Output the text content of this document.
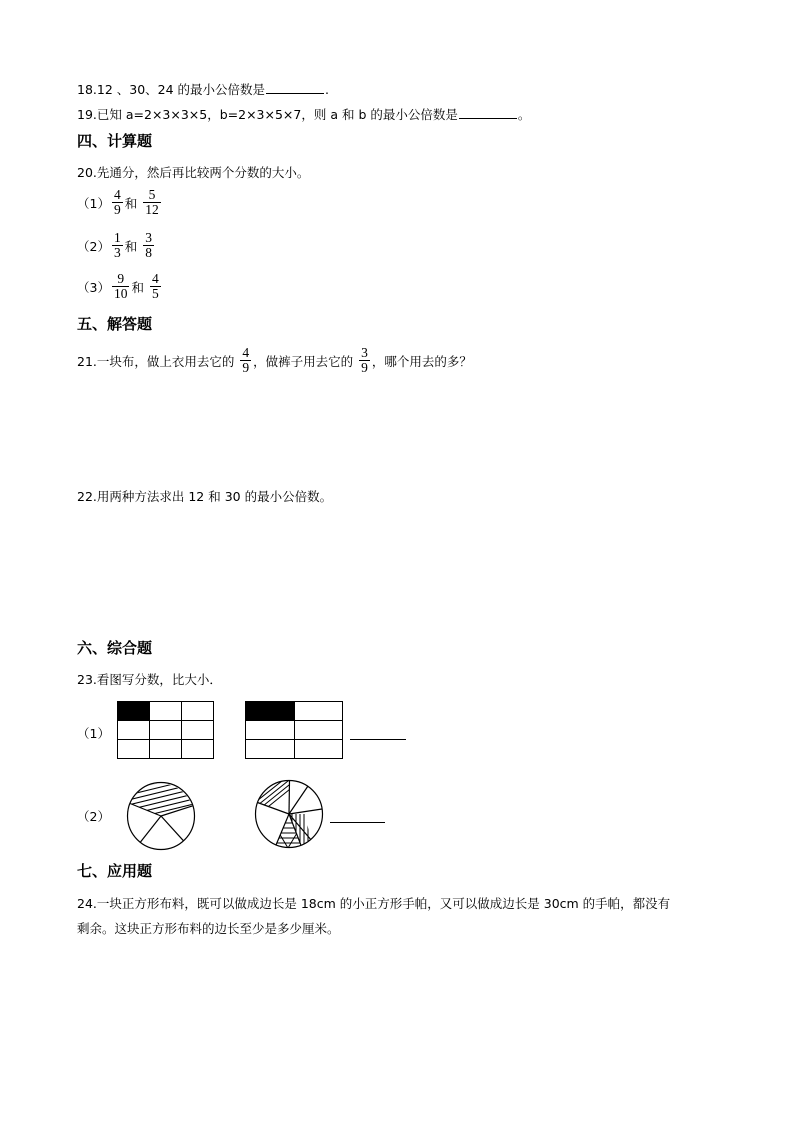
18.12 、30、24 的最小公倍数是	.
19.已知 a=2×3×3×5，b=2×3×5×7，则 a 和 b 的最小公倍数是	。
四、计算题
20.先通分，然后再比较两个分数的大小。
$(1) \frac{4}{9}$ 和 $\frac{5}{12}$
$(2) \frac{1}{3}$ 和 $\frac{3}{8}$
$(3) \frac{9}{10}$ 和 $\frac{4}{5}$
五、解答题
21.一块布，做上衣用去它的 $\frac{4}{9}$ ，做裤子用去它的 $\frac{3}{9}$ ，哪个用去的多？
22.用两种方法求出 12 和 30 的最小公倍数。
六、综合题
23.看图写分数，比大小．
（1）

（2）
七、应用题
24.一块正方形布料，既可以做成边长是 18cm 的小正方形手帕，又可以做成边长是 30cm 的手帕，都没有
剩余。这块正方形布料的边长至少是多少厘米。
